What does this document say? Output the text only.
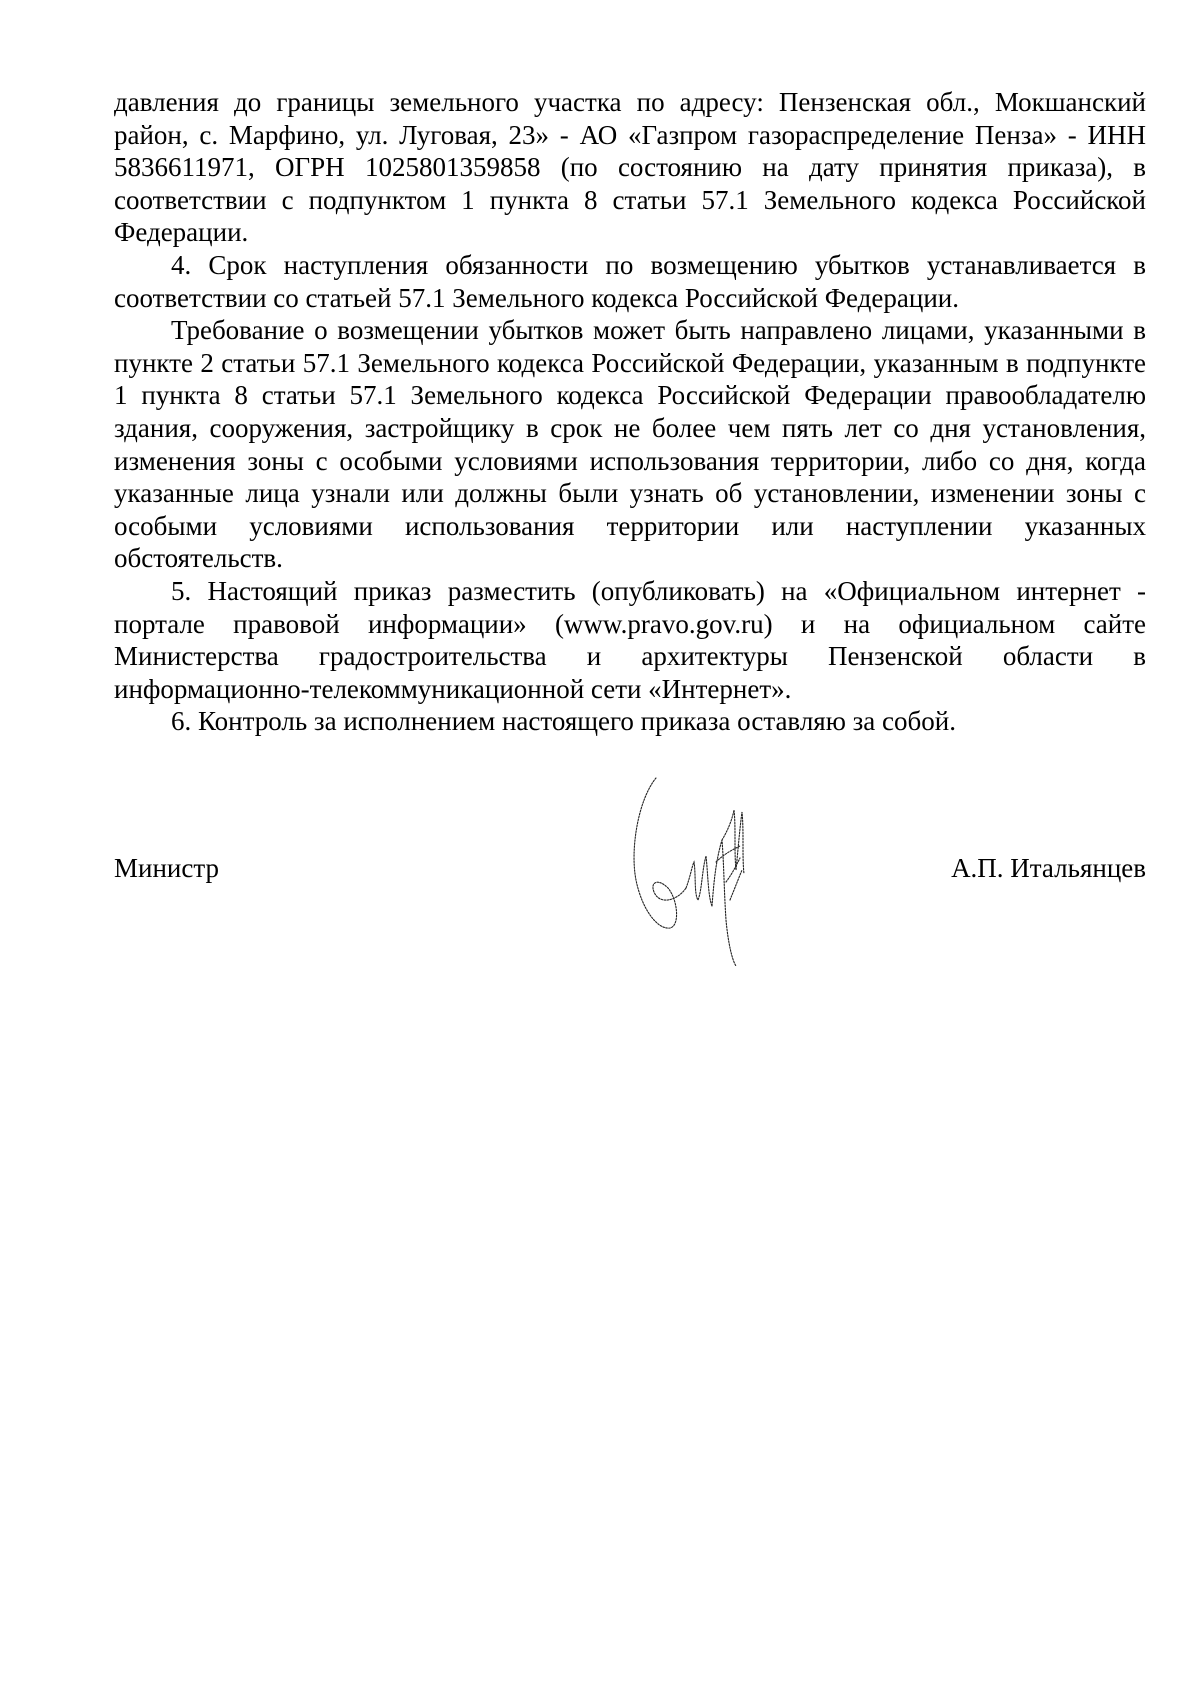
давления до границы земельного участка по адресу: Пензенская обл., Мокшанский район, с. Марфино, ул. Луговая, 23» - АО «Газпром газораспределение Пенза» - ИНН 5836611971, ОГРН 1025801359858 (по состоянию на дату принятия приказа), в соответствии с подпунктом 1 пункта 8 статьи 57.1 Земельного кодекса Российской Федерации.

4. Срок наступления обязанности по возмещению убытков устанавливается в соответствии со статьей 57.1 Земельного кодекса Российской Федерации.

Требование о возмещении убытков может быть направлено лицами, указанными в пункте 2 статьи 57.1 Земельного кодекса Российской Федерации, указанным в подпункте 1 пункта 8 статьи 57.1 Земельного кодекса Российской Федерации правообладателю здания, сооружения, застройщику в срок не более чем пять лет со дня установления, изменения зоны с особыми условиями использования территории, либо со дня, когда указанные лица узнали или должны были узнать об установлении, изменении зоны с особыми условиями использования территории или наступлении указанных обстоятельств.

5. Настоящий приказ разместить (опубликовать) на «Официальном интернет - портале правовой информации» (www.pravo.gov.ru) и на официальном сайте Министерства градостроительства и архитектуры Пензенской области в информационно-телекоммуникационной сети «Интернет».

6. Контроль за исполнением настоящего приказа оставляю за собой.

Министр	А.П. Итальянцев
